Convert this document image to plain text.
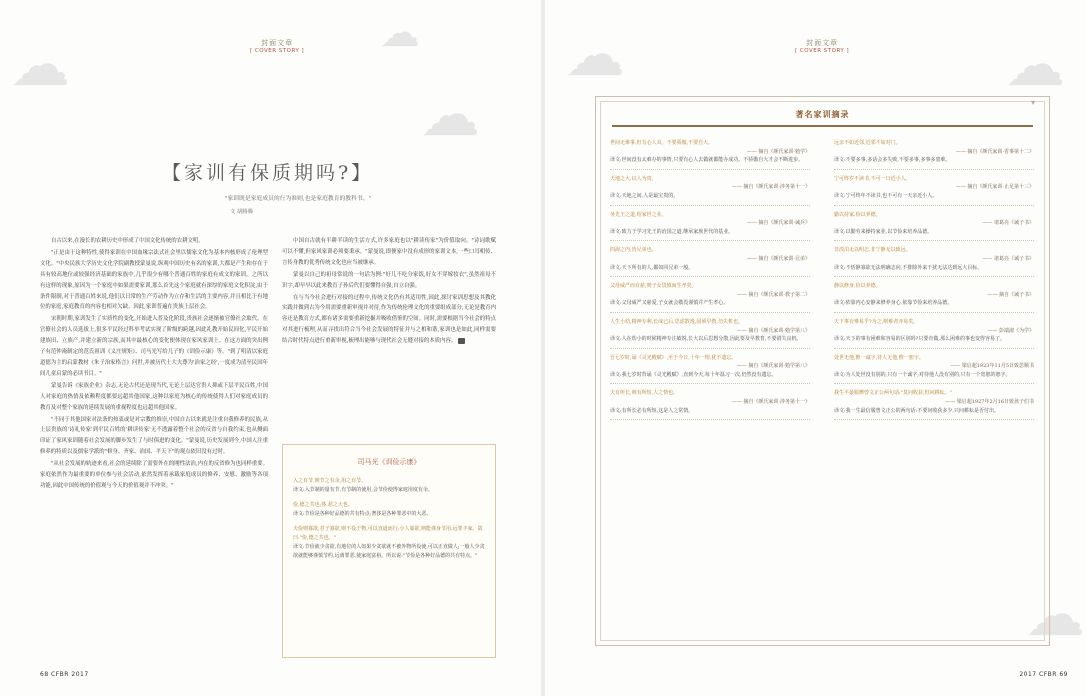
☁
☁
☁
封面文章
[ COVER STORY ]
【家训有保质期吗?】
"家训既是家庭成员的行为准则,也是家庭教育的教科书。"
文 胡腾腾

自古以来,在漫长的农耕历史中形成了中国文化传统的农耕文明。

"正是由于这种特性,使得家训在中国血缘宗法式社会里以儒家文化为基本内核形成了伦理型文化。"中央民族大学历史文化学院副教授蒙曼说,纵观中国历史有名的家训,大都是产生和存在于具有较高地位或较强经济基础的家族中,几乎很少有哪个普通百姓的家庭有成文的家训。之所以有这样的现象,原因为一个家庭中如果需要家训,那么首先这个家庭就有深厚的家庭文化积淀,由于条件限制,对于普通百姓来说,他们以日常的生产劳动作为立存和生活的主要内容,并且相比于有地位的家庭,家庭教育的内容也相对欠缺。因此,家训普遍在贵族上层社会。

宋朝时期,家训发生了实质性的变化,开始进入普及化阶段,贵族社会逐渐被官僚社会取代。在官僚社会的人员选拔上,很多平民经过科举考试实现了阶级的跨越,因此礼教开始民间化,平民开始建族田、立族产,并建立新的宗族,而其中最核心的变化便体现在家风家训上。在这方面的突出例子有范仲淹制定的范氏祖训《义庄规矩》、司马光写给儿子的《训俭示康》等。"到了明清以家庭道德为主的启蒙教材《朱子治家格言》问世,并被历代士大夫尊为'治家之经',一度成为清至民国年间儿童启蒙的必读书目。"

蒙曼告诉《家族企业》杂志,无论古代还是现当代,无论上层达官贵人抑或下层平民百姓,中国人对家庭的热情及依赖程度都要远超其他国家,这种以家庭为核心的传统使得人们对家庭成员的教育及对整个家族的延续发展的重视程度也远超其他国家。

"不同于其他国家对法条的热衷或是对宗教的推崇,中国自古以来就是注重自我修养的民族,从上层贵族的'诗礼传家'到平民百姓的'耕读传家'无不透露着整个社会的反省与自我约束,也从侧面印证了家风家训随着社会发展的脚步发生了与时俱进的变化。"蒙曼说,历史发展到今,中国人注重修养的特质以及儒家学派的"修身、齐家、治国、平天下"的观点依旧没有过时。

"从社会发展的轨迹来看,社会的延续除了需要外在的刚性法治,内在的反省修为也同样重要。家庭依然作为最重要的单位参与社会活动,依然发挥着承载家庭成员的修养、安慰、激励等各项功能,因此中国传统的价值观与今天的价值观并不冲突。"

中国自古就有半耕半读的生活方式,许多家庭也以"耕读传家"为价值取向。"诗词歌赋可以不懂,但家风家训必须要秉承。"蒙曼说,即便家中没有成形的家训文本,一些口耳相传、言传身教的优秀传统文化也应当被继承。

蒙曼以自己的祖母常说的一句话为例:"好儿不吃分家饭,好女不穿嫁妆衣",虽然祖母不识字,却早早以此来教育子孙后代们要懂得自强,自立自强。

在与当今社会进行对接的过程中,传统文化仍有其适用性,因此,探讨家训思想及其教化实践并做到古为今用需要重新审视并对待,作为传统伦理文化的重要组成部分,无论是教育内容还是教育方式,都有诸多需要重新挖掘并吸收借鉴的空间。同时,需要根据当今社会的特点对其进行梳理,从而寻找出符合当今社会发展的特征并与之相和谐,家训也是如此,同样需要结合时代特点进行重新审视,梳理出能够与现代社会无缝对接的本质内容。

司马光《训俭示康》
入之有节,则节之有余,用之有节。
译文:入节制的量有节,有节制的使用,会节俭使得家庭用度有余。
俭,德之共也;侈,恶之大也。
译文:节俭是各种好品德的共有特点;奢侈是各种罪恶中的大恶。
夫俭则寡欲,君子寡欲,则不役于物,可以直道而行;小人寡欲,则能谨身节用,远罪丰家。故曰:"俭,德之共也。"
译文:节俭就少贪欲,有地位的人如果少贪欲就不被外物所役使,可以正直做人;一般人少贪欲就能够谨慎节约,远离罪恶,使家庭富裕。所以说:"节俭是各种好品德的共有特点。"
68 CFBR 2017
☁	☁
☁
封面文章
[ COVER STORY ]
著名家训摘录
▾
世间无难事,但有心人耳。不要骄傲,不要自大。
—— 摘自《颜氏家训·勉学》
译文:世间没有太难办的事情,只要有心人去做就都能办成功。不骄傲自大才会不断进步。
天地之大,以人为贵。
—— 摘自《颜氏家训·涉务第十一》
译文:天地之间,人是最宝贵的。
务先王之道,绍家世之业。
—— 摘自《颜氏家训·诫兵》
译文:致力于学习先王的治国之道,继承家族世代的基业。
四海之内,皆兄弟也。
—— 摘自《颜氏家训·兄弟》
译文:天下所有的人,都如同兄弟一般。
父母威严而有慈,则子女畏慎而生孝矣。
—— 摘自《颜氏家训·教子第二》
译文:父母威严又慈爱,子女就会敬畏谨慎并产生孝心。
人生小幼,精神专利,长成已后,思虑散逸,固须早教,勿失机也。
—— 摘自《颜氏家训·勉学第八》
译文:人在幼小的时候精神专注敏锐,长大以后思想分散,因此要及早教育,不要错失良机。
吾七岁时,诵《灵光殿赋》,至于今日,十年一理,犹不遗忘。
—— 摘自《颜氏家训·勉学第八》
译文:我七岁时背诵《灵光殿赋》,直到今天,每十年温习一次,仍然没有遗忘。
夫有所长,则有所短,人之情也。
—— 摘自《颜氏家训·涉务第十一》
译文:有所长必有所短,这是人之常情。
远亲不如近邻,近邻不如对门。
—— 摘自《颜氏家训·省事第十二》
译文:不要多事,多话会多失败,不要多事,多事多患难。
宁可终岁不读书,不可一日近小人。
—— 摘自《颜氏家训·止足第十三》
译文:宁可终年不读书,也不可有一天亲近小人。
勤以持家,俭以养德。
—— 诸葛亮《诫子书》
译文:以勤劳来操持家业,以节俭来培养品德。
非淡泊无以明志,非宁静无以致远。
—— 诸葛亮《诫子书》
译文:不恬静寡欲无法明确志向,不排除外来干扰无法达到远大目标。
静以修身,俭以养德。
—— 摘自《诫子书》
译文:依靠内心安静来修养身心,依靠节俭来培养品德。
天下事有难易乎?为之,则难者亦易矣。
—— 彭端淑《为学》
译文:天下的事有困难和容易的区别吗?只要肯做,那么困难的事也变得容易了。
处世无他,惟一诚字,待人无他,惟一恕字。
—— 梁启超1923年11月5日致思顺书
译文:为人处世没有别的,只有一个诚字;对待他人没有别的,只有一个宽恕的恕字。
我生平最服膺曾文正公两句话:"莫问收获,但问耕耘。"
—— 梁启超1927年2月16日致孩子们书
译文:我一生最信服曾文正公的两句话:不要问收获多少,只问耕耘是否付出。
2017 CFBR 69
